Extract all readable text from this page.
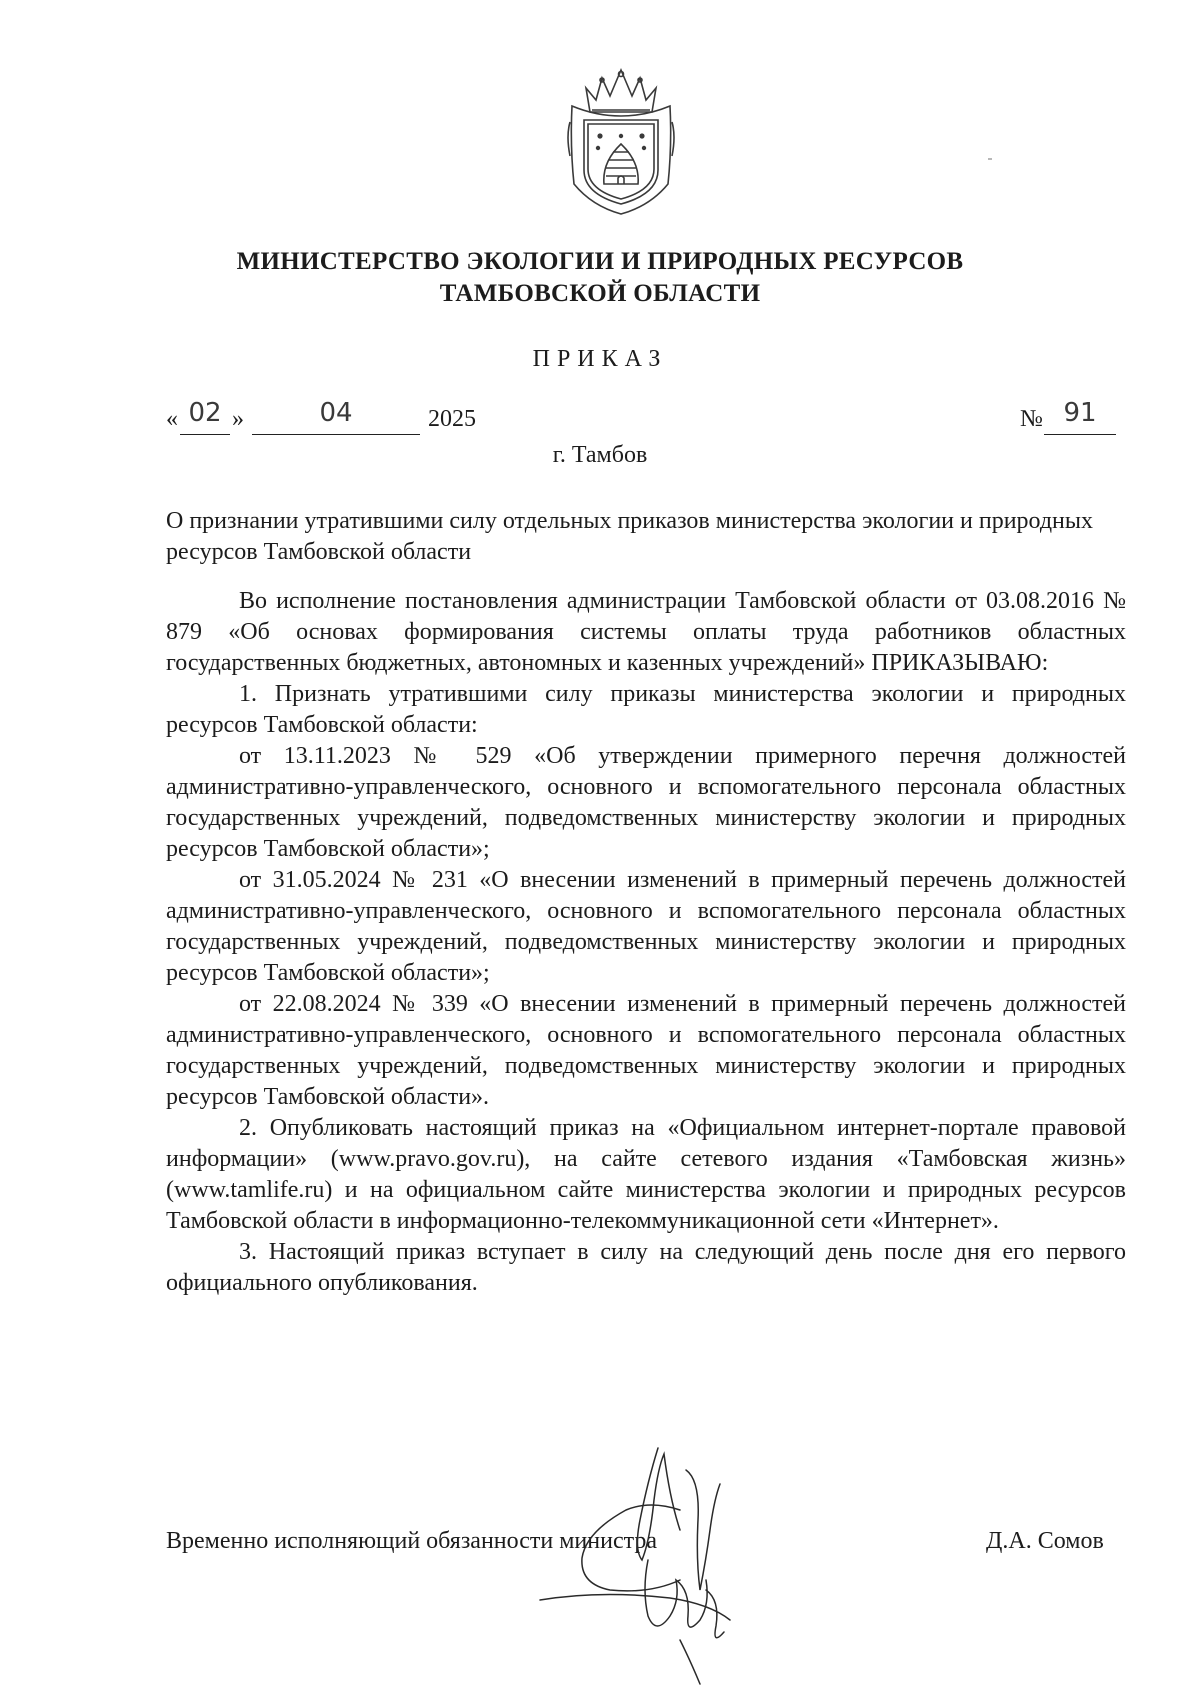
МИНИСТЕРСТВО ЭКОЛОГИИ И ПРИРОДНЫХ РЕСУРСОВ
ТАМБОВСКОЙ ОБЛАСТИ
ПРИКАЗ
« 02 »	04	2025	№ 91
г. Тамбов
О признании утратившими силу отдельных приказов министерства экологии и природных ресурсов Тамбовской области

Во исполнение постановления администрации Тамбовской области от 03.08.2016 № 879 «Об основах формирования системы оплаты труда работников областных государственных бюджетных, автономных и казенных учреждений» ПРИКАЗЫВАЮ:

1. Признать утратившими силу приказы министерства экологии и природных ресурсов Тамбовской области:

от 13.11.2023 № 529 «Об утверждении примерного перечня должностей административно-управленческого, основного и вспомогательного персонала областных государственных учреждений, подведомственных министерству экологии и природных ресурсов Тамбовской области»;

от 31.05.2024 № 231 «О внесении изменений в примерный перечень должностей административно-управленческого, основного и вспомогательного персонала областных государственных учреждений, подведомственных министерству экологии и природных ресурсов Тамбовской области»;

от 22.08.2024 № 339 «О внесении изменений в примерный перечень должностей административно-управленческого, основного и вспомогательного персонала областных государственных учреждений, подведомственных министерству экологии и природных ресурсов Тамбовской области».

2. Опубликовать настоящий приказ на «Официальном интернет-портале правовой информации» (www.pravo.gov.ru), на сайте сетевого издания «Тамбовская жизнь» (www.tamlife.ru) и на официальном сайте министерства экологии и природных ресурсов Тамбовской области в информационно-телекоммуникационной сети «Интернет».

3. Настоящий приказ вступает в силу на следующий день после дня его первого официального опубликования.

Временно исполняющий обязанности министра	Д.А. Сомов
